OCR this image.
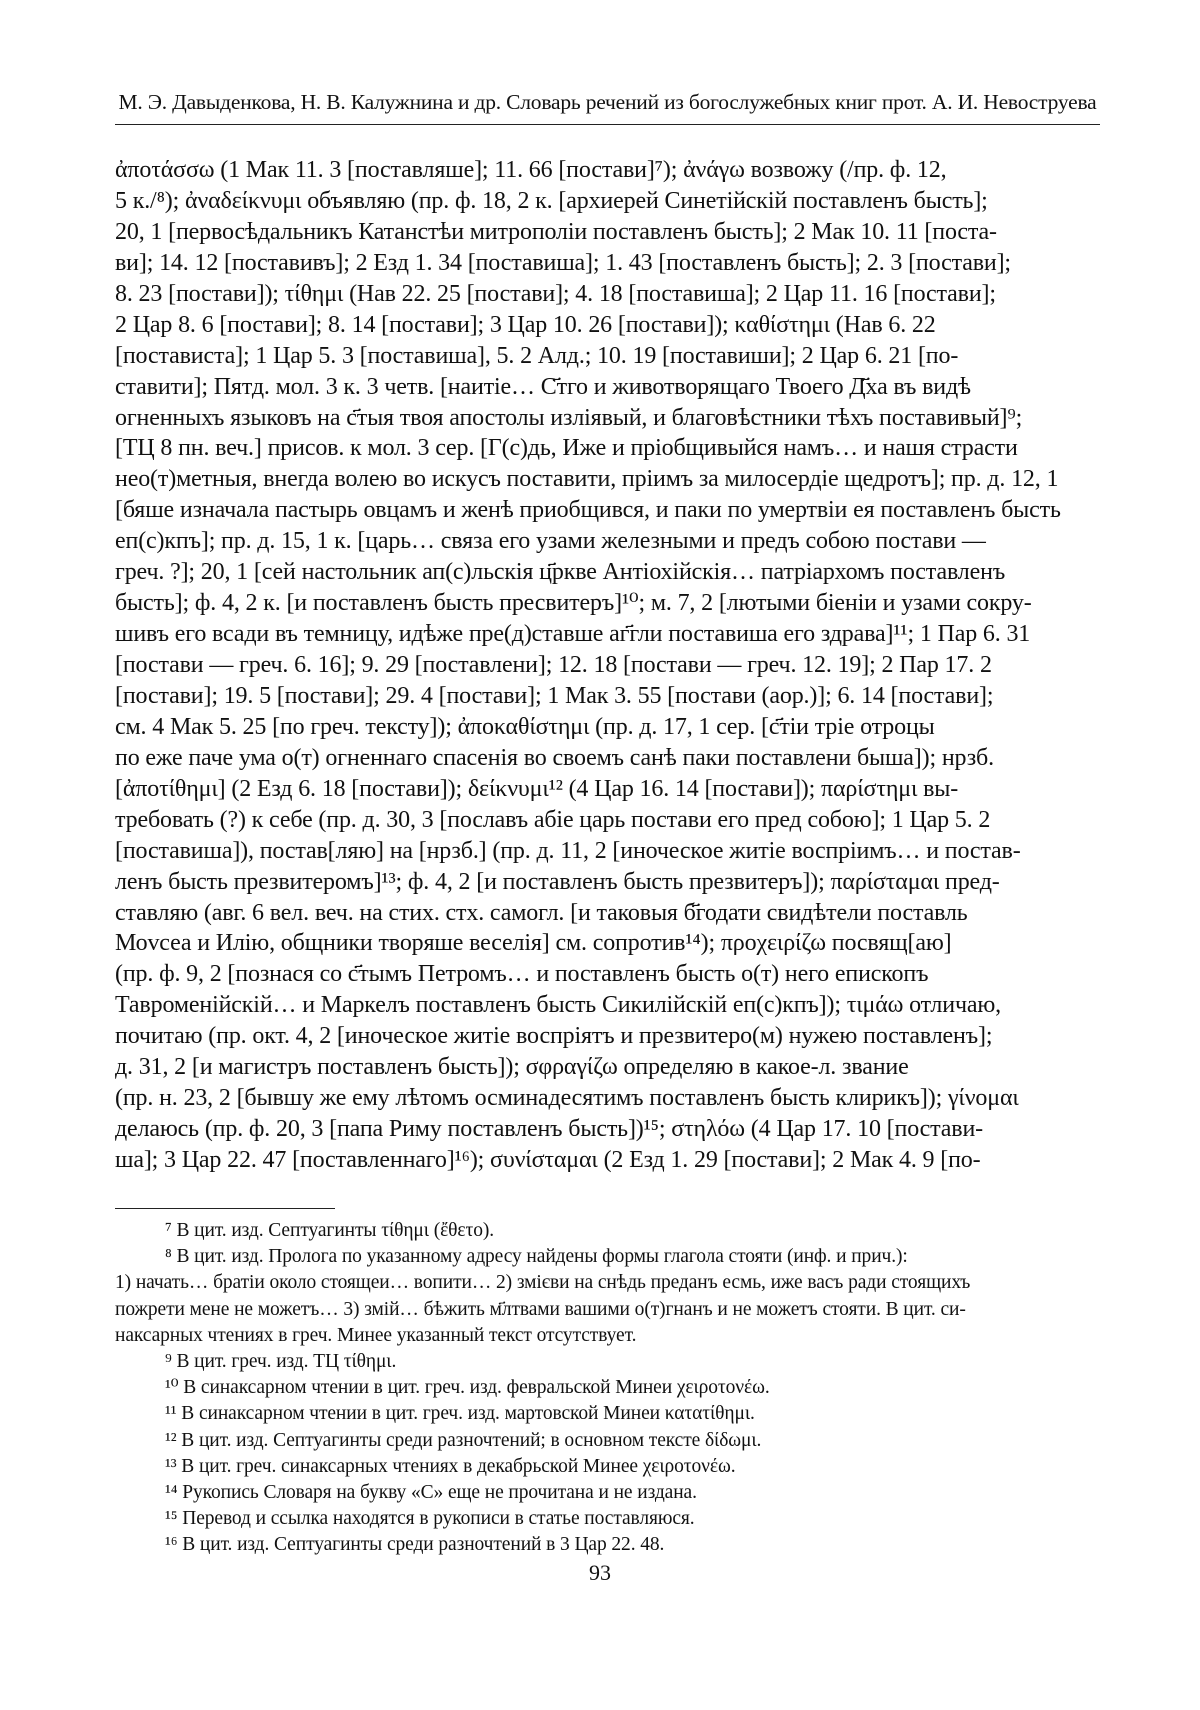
М. Э. Давыденкова, Н. В. Калужнина и др. Словарь речений из богослужебных книг прот. А. И. Невоструева
ἀποτάσσω (1 Мак 11. 3 [поставляше]; 11. 66 [постави]⁷); ἀνάγω возвожу (/пр. ф. 12,
5 к./⁸); ἀναδείκνυμι объявляю (пр. ф. 18, 2 к. [архиерей Синетійскій поставленъ бысть];
20, 1 [первосѣдальникъ Катанстѣи митрополіи поставленъ бысть]; 2 Мак 10. 11 [поста-
ви]; 14. 12 [поставивъ]; 2 Езд 1. 34 [поставиша]; 1. 43 [поставленъ бысть]; 2. 3 [постави];
8. 23 [постави]); τίθημι (Нав 22. 25 [постави]; 4. 18 [поставиша]; 2 Цар 11. 16 [постави];
2 Цар 8. 6 [постави]; 8. 14 [постави]; 3 Цар 10. 26 [постави]); καθίστημι (Нав 6. 22
[постависта]; 1 Цар 5. 3 [поставиша], 5. 2 Алд.; 10. 19 [поставиши]; 2 Цар 6. 21 [по-
ставити]; Пятд. мол. 3 к. 3 четв. [наитіе… С҃тго и животворящаго Твоего Д҃ха въ видѣ
огненныхъ языковъ на с҃тыя твоя апостолы изліявый, и благовѣстники тѣхъ поставивый]⁹;
[ТЦ 8 пн. веч.] присов. к мол. 3 сер. [Г(с)дь, Иже и пріобщивыйся намъ… и нашя страсти
нео(т)метныя, внегда волею во искусъ поставити, пріимъ за милосердіе щедротъ]; пр. д. 12, 1
[бяше изначала пастырь овцамъ и женѣ приобщився, и паки по умертвіи ея поставленъ бысть
еп(с)кпъ]; пр. д. 15, 1 к. [царь… связа его узами железными и предъ собою постави —
греч. ?]; 20, 1 [сей настольник ап(с)льскія ц҃ркве Антіохійскія… патріархомъ поставленъ
бысть]; ф. 4, 2 к. [и поставленъ бысть пресвитеръ]¹⁰; м. 7, 2 [лютыми біеніи и узами сокру-
шивъ его всади въ темницу, идѣже пре(д)ставше аг҃гли поставиша его здрава]¹¹; 1 Пар 6. 31
[постави — греч. 6. 16]; 9. 29 [поставлени]; 12. 18 [постави — греч. 12. 19]; 2 Пар 17. 2
[постави]; 19. 5 [постави]; 29. 4 [постави]; 1 Мак 3. 55 [постави (аор.)]; 6. 14 [постави];
см. 4 Мак 5. 25 [по греч. тексту]); ἀποκαθίστημι (пр. д. 17, 1 сер. [с҃тіи тріе отроцы
по еже паче ума о(т) огненнаго спасенія во своемъ санѣ паки поставлени быша]); нрзб.
[ἀποτίθημι] (2 Езд 6. 18 [постави]); δείκνυμι¹² (4 Цар 16. 14 [постави]); παρίστημι вы-
требовать (?) к себе (пр. д. 30, 3 [пославъ абіе царь постави его пред собою]; 1 Цар 5. 2
[поставиша]), постав[ляю] на [нрзб.] (пр. д. 11, 2 [иноческое житіе воспріимъ… и постав-
ленъ бысть презвитеромъ]¹³; ф. 4, 2 [и поставленъ бысть презвитеръ]); παρίσταμαι пред-
ставляю (авг. 6 вел. веч. на стих. стх. самогл. [и таковыя б҃годати свидѣтели поставль
Моvсеа и Илію, общники творяше веселія] см. сопротив¹⁴); προχειρίζω посвящ[аю]
(пр. ф. 9, 2 [познася со с҃тымъ Петромъ… и поставленъ бысть о(т) него епископъ
Тавроменійскій… и Маркелъ поставленъ бысть Сикилійскій еп(с)кпъ]); τιμάω отличаю,
почитаю (пр. окт. 4, 2 [иноческое житіе воспріятъ и презвитеро(м) нужею поставленъ];
д. 31, 2 [и магистръ поставленъ бысть]); σφραγίζω определяю в какое-л. звание
(пр. н. 23, 2 [бывшу же ему лѣтомъ осминадесятимъ поставленъ бысть клирикъ]); γίνομαι
делаюсь (пр. ф. 20, 3 [папа Риму поставленъ бысть])¹⁵; στηλόω (4 Цар 17. 10 [постави-
ша]; 3 Цар 22. 47 [поставленнаго]¹⁶); συνίσταμαι (2 Езд 1. 29 [постави]; 2 Мак 4. 9 [по-
⁷ В цит. изд. Септуагинты τίθημι (ἔθετο).
⁸ В цит. изд. Пролога по указанному адресу найдены формы глагола стояти (инф. и прич.):
1) начать… братіи около стоящеи… вопити… 2) змієви на снѣдь преданъ есмь, иже васъ ради стоящихъ
пожрети мене не можетъ… 3) змій… бѣжить м҃лтвами вашими о(т)гнанъ и не можетъ стояти. В цит. си-
наксарных чтениях в греч. Минее указанный текст отсутствует.
⁹ В цит. греч. изд. ТЦ τίθημι.
¹⁰ В синаксарном чтении в цит. греч. изд. февральской Минеи χειροτονέω.
¹¹ В синаксарном чтении в цит. греч. изд. мартовской Минеи κατατίθημι.
¹² В цит. изд. Септуагинты среди разночтений; в основном тексте δίδωμι.
¹³ В цит. греч. синаксарных чтениях в декабрьской Минее χειροτονέω.
¹⁴ Рукопись Словаря на букву «С» еще не прочитана и не издана.
¹⁵ Перевод и ссылка находятся в рукописи в статье поставляюся.
¹⁶ В цит. изд. Септуагинты среди разночтений в 3 Цар 22. 48.
93
